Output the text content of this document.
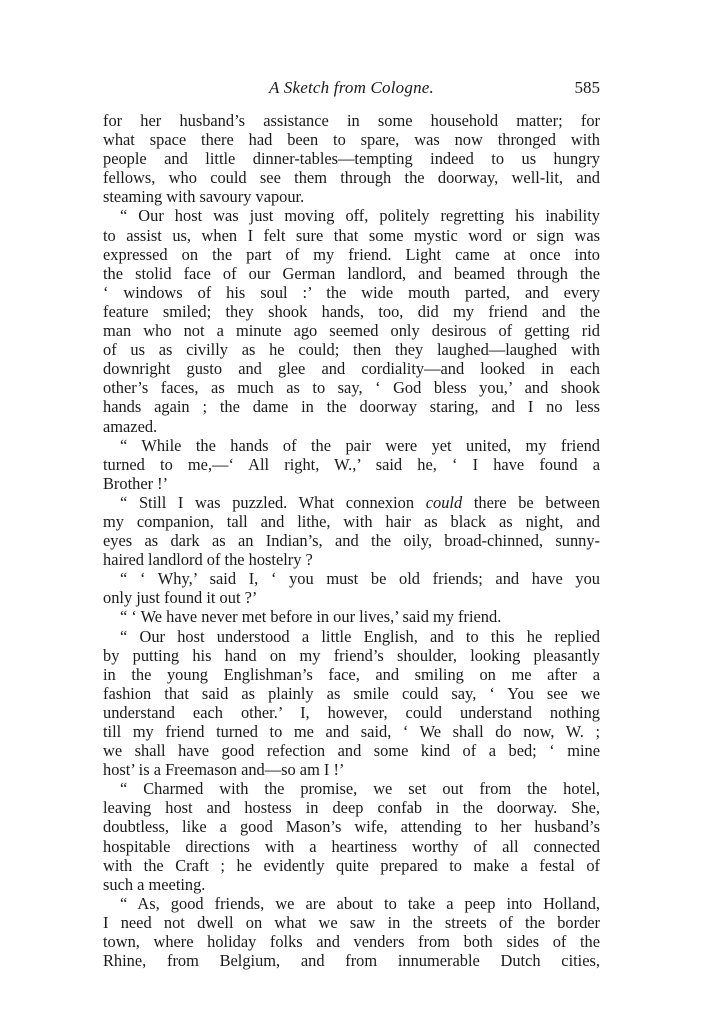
A Sketch from Cologne.	585
for her husband’s assistance in some household matter; for
what space there had been to spare, was now thronged with
people and little dinner-tables—tempting indeed to us hungry
fellows, who could see them through the doorway, well-lit, and
steaming with savoury vapour.
“ Our host was just moving off, politely regretting his inability
to assist us, when I felt sure that some mystic word or sign was
expressed on the part of my friend. Light came at once into
the stolid face of our German landlord, and beamed through the
‘ windows of his soul :’ the wide mouth parted, and every
feature smiled; they shook hands, too, did my friend and the
man who not a minute ago seemed only desirous of getting rid
of us as civilly as he could; then they laughed—laughed with
downright gusto and glee and cordiality—and looked in each
other’s faces, as much as to say, ‘ God bless you,’ and shook
hands again ; the dame in the doorway staring, and I no less
amazed.
“ While the hands of the pair were yet united, my friend
turned to me,—‘ All right, W.,’ said he, ‘ I have found a
Brother !’
“ Still I was puzzled. What connexion could there be between
my companion, tall and lithe, with hair as black as night, and
eyes as dark as an Indian’s, and the oily, broad-chinned, sunny-
haired landlord of the hostelry ?
“ ‘ Why,’ said I, ‘ you must be old friends; and have you
only just found it out ?’
“ ‘ We have never met before in our lives,’ said my friend.
“ Our host understood a little English, and to this he replied
by putting his hand on my friend’s shoulder, looking pleasantly
in the young Englishman’s face, and smiling on me after a
fashion that said as plainly as smile could say, ‘ You see we
understand each other.’ I, however, could understand nothing
till my friend turned to me and said, ‘ We shall do now, W. ;
we shall have good refection and some kind of a bed; ‘ mine
host’ is a Freemason and—so am I !’
“ Charmed with the promise, we set out from the hotel,
leaving host and hostess in deep confab in the doorway. She,
doubtless, like a good Mason’s wife, attending to her husband’s
hospitable directions with a heartiness worthy of all connected
with the Craft ; he evidently quite prepared to make a festal of
such a meeting.
“ As, good friends, we are about to take a peep into Holland,
I need not dwell on what we saw in the streets of the border
town, where holiday folks and venders from both sides of the
Rhine, from Belgium, and from innumerable Dutch cities,
